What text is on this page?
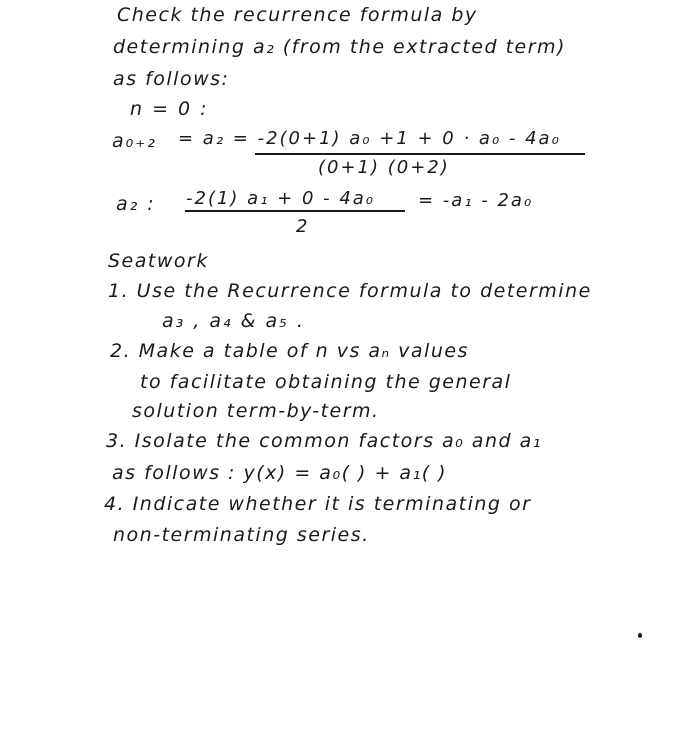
Check the recurrence formula by
determining a₂ (from the extracted term)
as follows:
n = 0 :
a₀₊₂ = a₂ = -2(0+1) a₀ +1 + 0 · a₀ - 4a₀
(0+1) (0+2)
a₂ : -2(1) a₁ + 0 - 4a₀
2
= -a₁ - 2a₀
Seatwork
1. Use the Recurrence formula to determine
a₃ , a₄ & a₅ .
2. Make a table of n vs aₙ values
to facilitate obtaining the general
solution term-by-term.
3. Isolate the common factors a₀ and a₁
as follows : y(x) = a₀( ) + a₁( )
4. Indicate whether it is terminating or
non-terminating series.
